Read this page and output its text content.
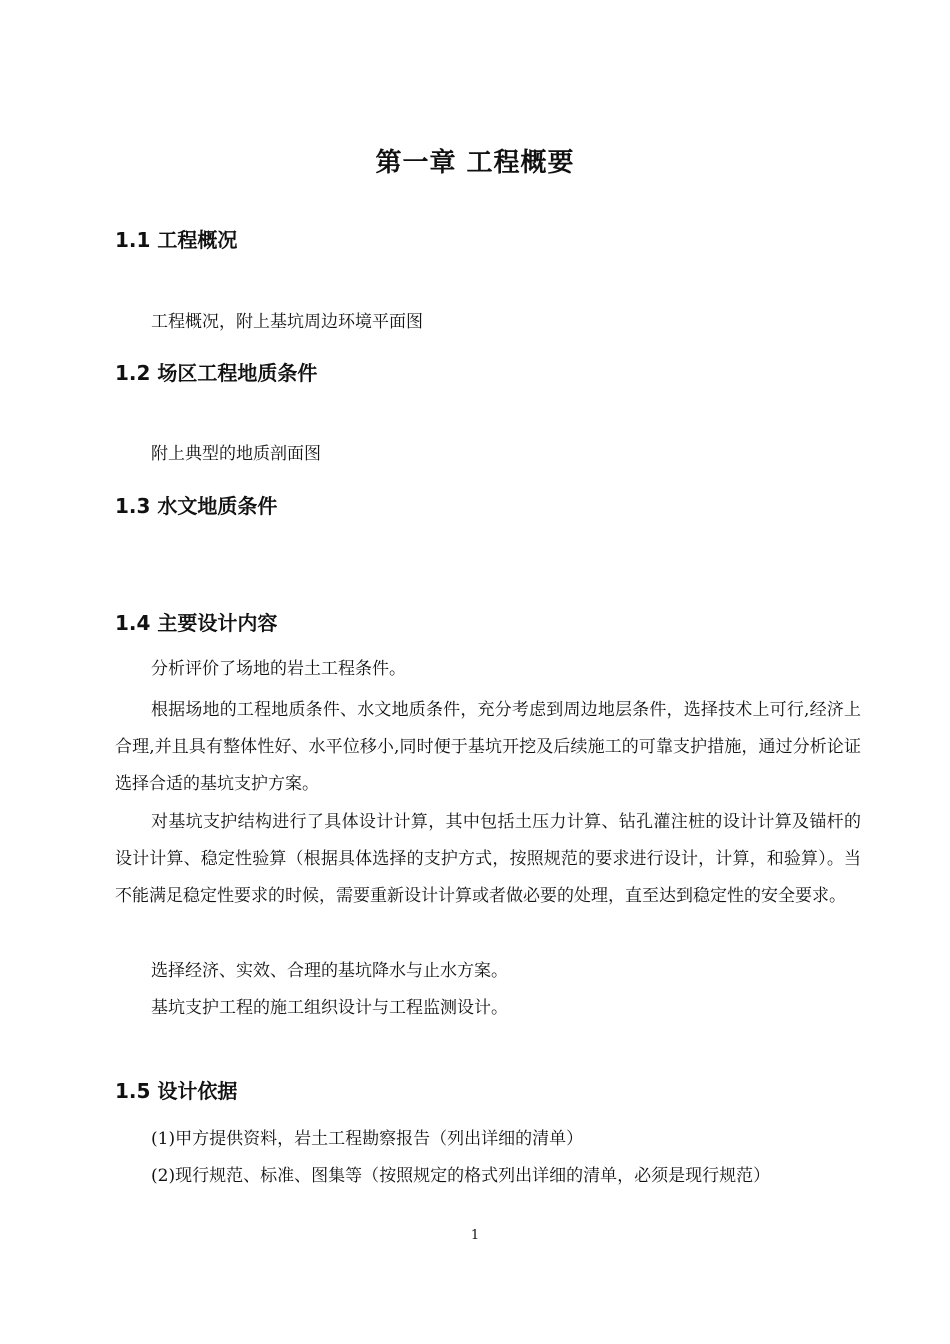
第一章 工程概要
1.1 工程概况

工程概况，附上基坑周边环境平面图

1.2 场区工程地质条件

附上典型的地质剖面图

1.3 水文地质条件
1.4 主要设计内容

分析评价了场地的岩土工程条件。

根据场地的工程地质条件、水文地质条件，充分考虑到周边地层条件，选择技术上可行,经济上合理,并且具有整体性好、水平位移小,同时便于基坑开挖及后续施工的可靠支护措施，通过分析论证选择合适的基坑支护方案。

对基坑支护结构进行了具体设计计算，其中包括土压力计算、钻孔灌注桩的设计计算及锚杆的设计计算、稳定性验算（根据具体选择的支护方式，按照规范的要求进行设计，计算，和验算）。当不能满足稳定性要求的时候，需要重新设计计算或者做必要的处理，直至达到稳定性的安全要求。

选择经济、实效、合理的基坑降水与止水方案。

基坑支护工程的施工组织设计与工程监测设计。

1.5 设计依据

(1)甲方提供资料，岩土工程勘察报告（列出详细的清单）

(2)现行规范、标准、图集等（按照规定的格式列出详细的清单，必须是现行规范）

1
